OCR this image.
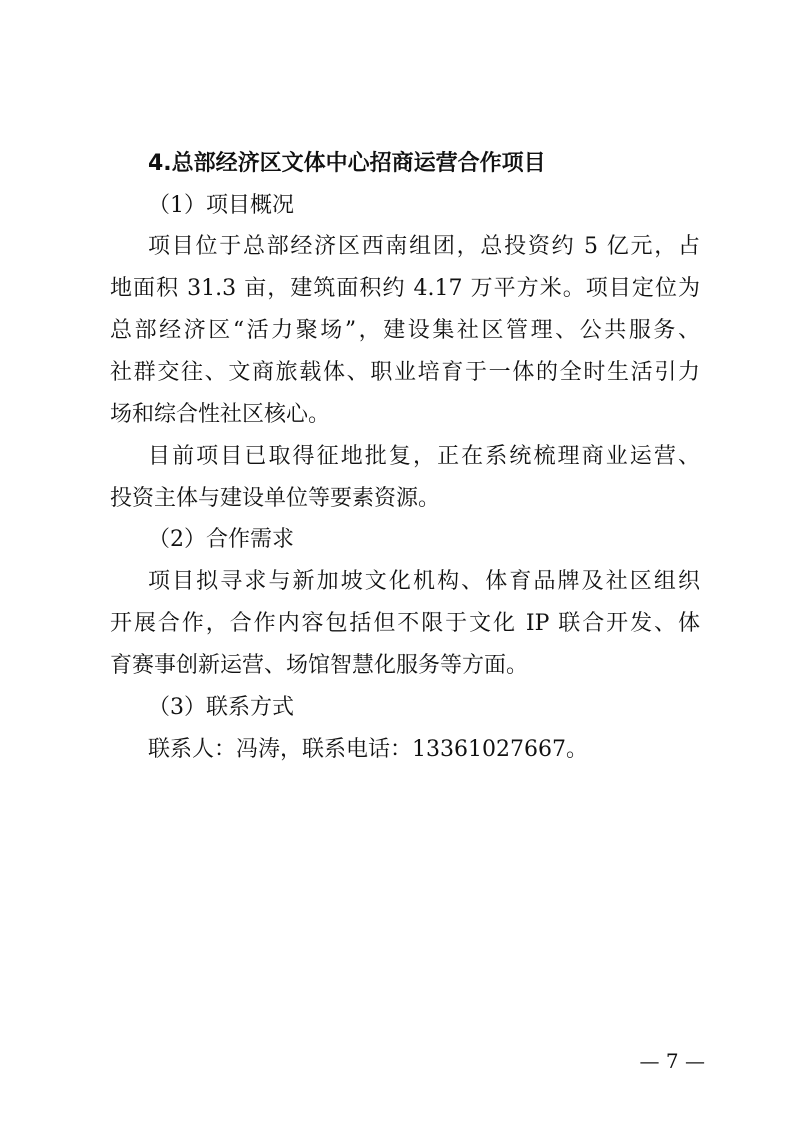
4.总部经济区文体中心招商运营合作项目
（1）项目概况
项目位于总部经济区西南组团，总投资约 5 亿元，占
地面积 31.3 亩，建筑面积约 4.17 万平方米。项目定位为
总部经济区“活力聚场”，建设集社区管理、公共服务、
社群交往、文商旅载体、职业培育于一体的全时生活引力
场和综合性社区核心。
目前项目已取得征地批复，正在系统梳理商业运营、
投资主体与建设单位等要素资源。
（2）合作需求
项目拟寻求与新加坡文化机构、体育品牌及社区组织
开展合作，合作内容包括但不限于文化 IP 联合开发、体
育赛事创新运营、场馆智慧化服务等方面。
（3）联系方式
联系人：冯涛，联系电话：13361027667。
— 7 —
